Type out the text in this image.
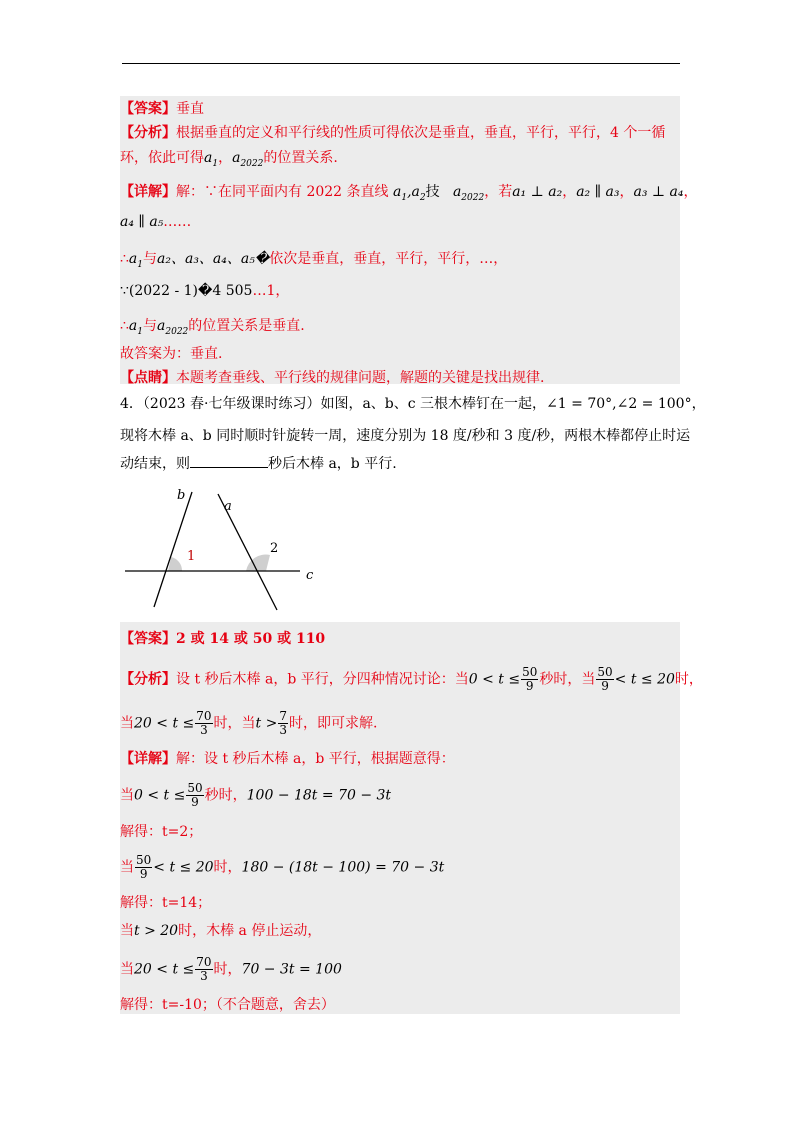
【答案】垂直
【分析】根据垂直的定义和平行线的性质可得依次是垂直，垂直，平行，平行，4 个一循
环，依此可得$a_1$，$a_{2022}$的位置关系.
【详解】解：∵在同平面内有 2022 条直线 $a_1,a_2$技   $a_{2022}$，若a₁ ⊥ a₂，a₂ ∥ a₃，a₃ ⊥ a₄，
a₄ ∥ a₅……
$\therefore a_1$与a₂、a₃、a₄、a₅�依次是垂直，垂直，平行，平行，…，
∵(2022 - 1)�4 505…1，
$\therefore a_1$与$a_{2022}$的位置关系是垂直.
故答案为：垂直.
【点睛】本题考查垂线、平行线的规律问题，解题的关键是找出规律.
4．（2023 春·七年级课时练习）如图，a、b、c 三根木棒钉在一起，∠1 = 70°,∠2 = 100°，
现将木棒 a、b 同时顺时针旋转一周，速度分别为 18 度/秒和 3 度/秒，两根木棒都停止时运
动结束，则	秒后木棒 a，b 平行.
b
a
c
1
2
【答案】2 或 14 或 50 或 110
【分析】设 t 秒后木棒 a，b 平行，分四种情况讨论：当$0 < t \le \frac{50}{9}$ 秒时，当 $\frac{50}{9} < t \le 20$时，
当$20 < t \le \frac{70}{3}$ 时，当$t > \frac{7}{3}$ 时，即可求解.
【详解】解：设 t 秒后木棒 a，b 平行，根据题意得：
当$0 < t \le \frac{50}{9}$ 秒时，100 − 18t = 70 − 3t
解得：t=2；
当 $\frac{50}{9} < t \le 20$时，180 − (18t − 100) = 70 − 3t
解得：t=14；
当t > 20时，木棒 a 停止运动，
当$20 < t \le \frac{70}{3}$ 时，70 − 3t = 100
解得：t=-10；（不合题意，舍去）
